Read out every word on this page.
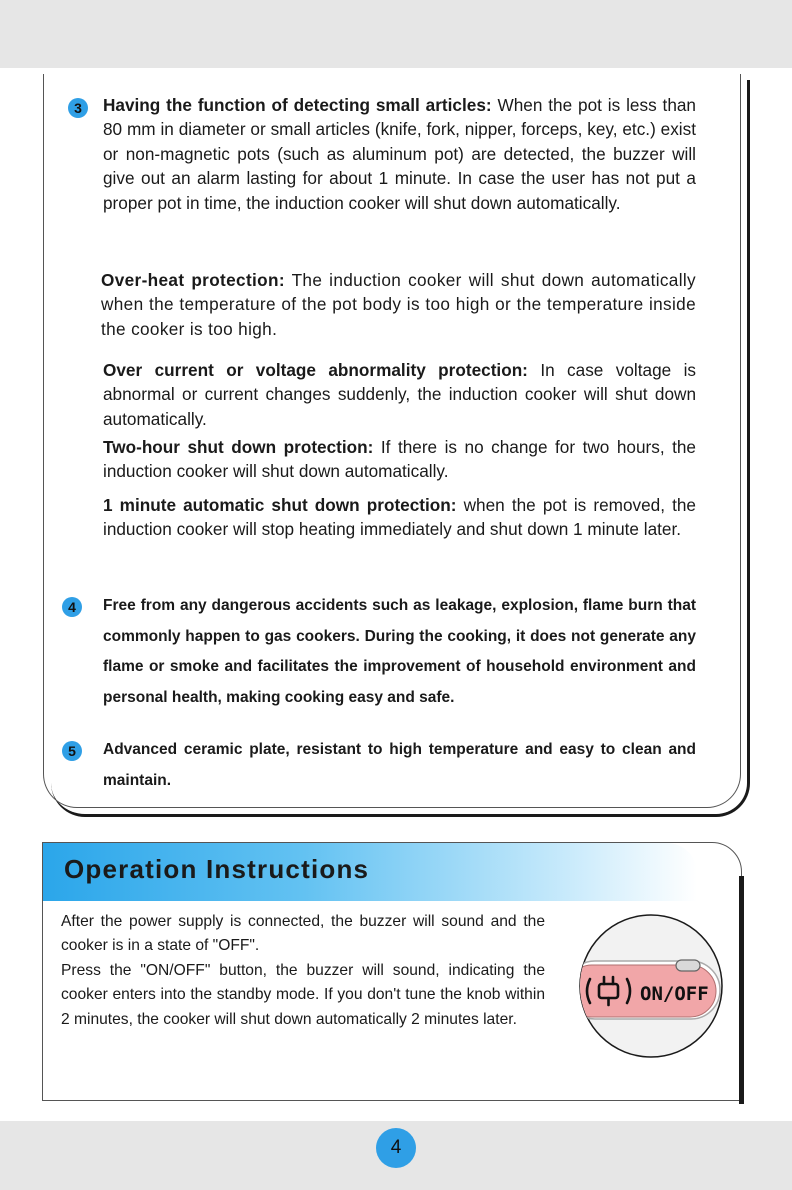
3	Having the function of detecting small articles: When the pot is less than 80 mm in diameter or small articles (knife, fork, nipper, forceps, key, etc.) exist or non-magnetic pots (such as aluminum pot) are detected, the buzzer will give out an alarm lasting for about 1 minute. In case the user has not put a proper pot in time, the induction cooker will shut down automatically.
Over-heat protection: The induction cooker will shut down automatically when the temperature of the pot body is too high or the temperature inside the cooker is too high.
Over current or voltage abnormality protection: In case voltage is abnormal or current changes suddenly, the induction cooker will shut down automatically.
Two-hour shut down protection: If there is no change for two hours, the induction cooker will shut down automatically.
1 minute automatic shut down protection: when the pot is removed, the induction cooker will stop heating immediately and shut down 1 minute later.
4	Free from any dangerous accidents such as leakage, explosion, flame burn that commonly happen to gas cookers. During the cooking, it does not generate any flame or smoke and facilitates the improvement of household environment and personal health, making cooking easy and safe.
5	Advanced ceramic plate, resistant to high temperature and easy to clean and maintain.
Operation Instructions
After the power supply is connected, the buzzer will sound and the cooker is in a state of "OFF".
Press the "ON/OFF" button, the buzzer will sound, indicating the cooker enters into the standby mode. If you don't tune the knob within 2 minutes, the cooker will shut down automatically 2 minutes later.
ON/OFF
4
